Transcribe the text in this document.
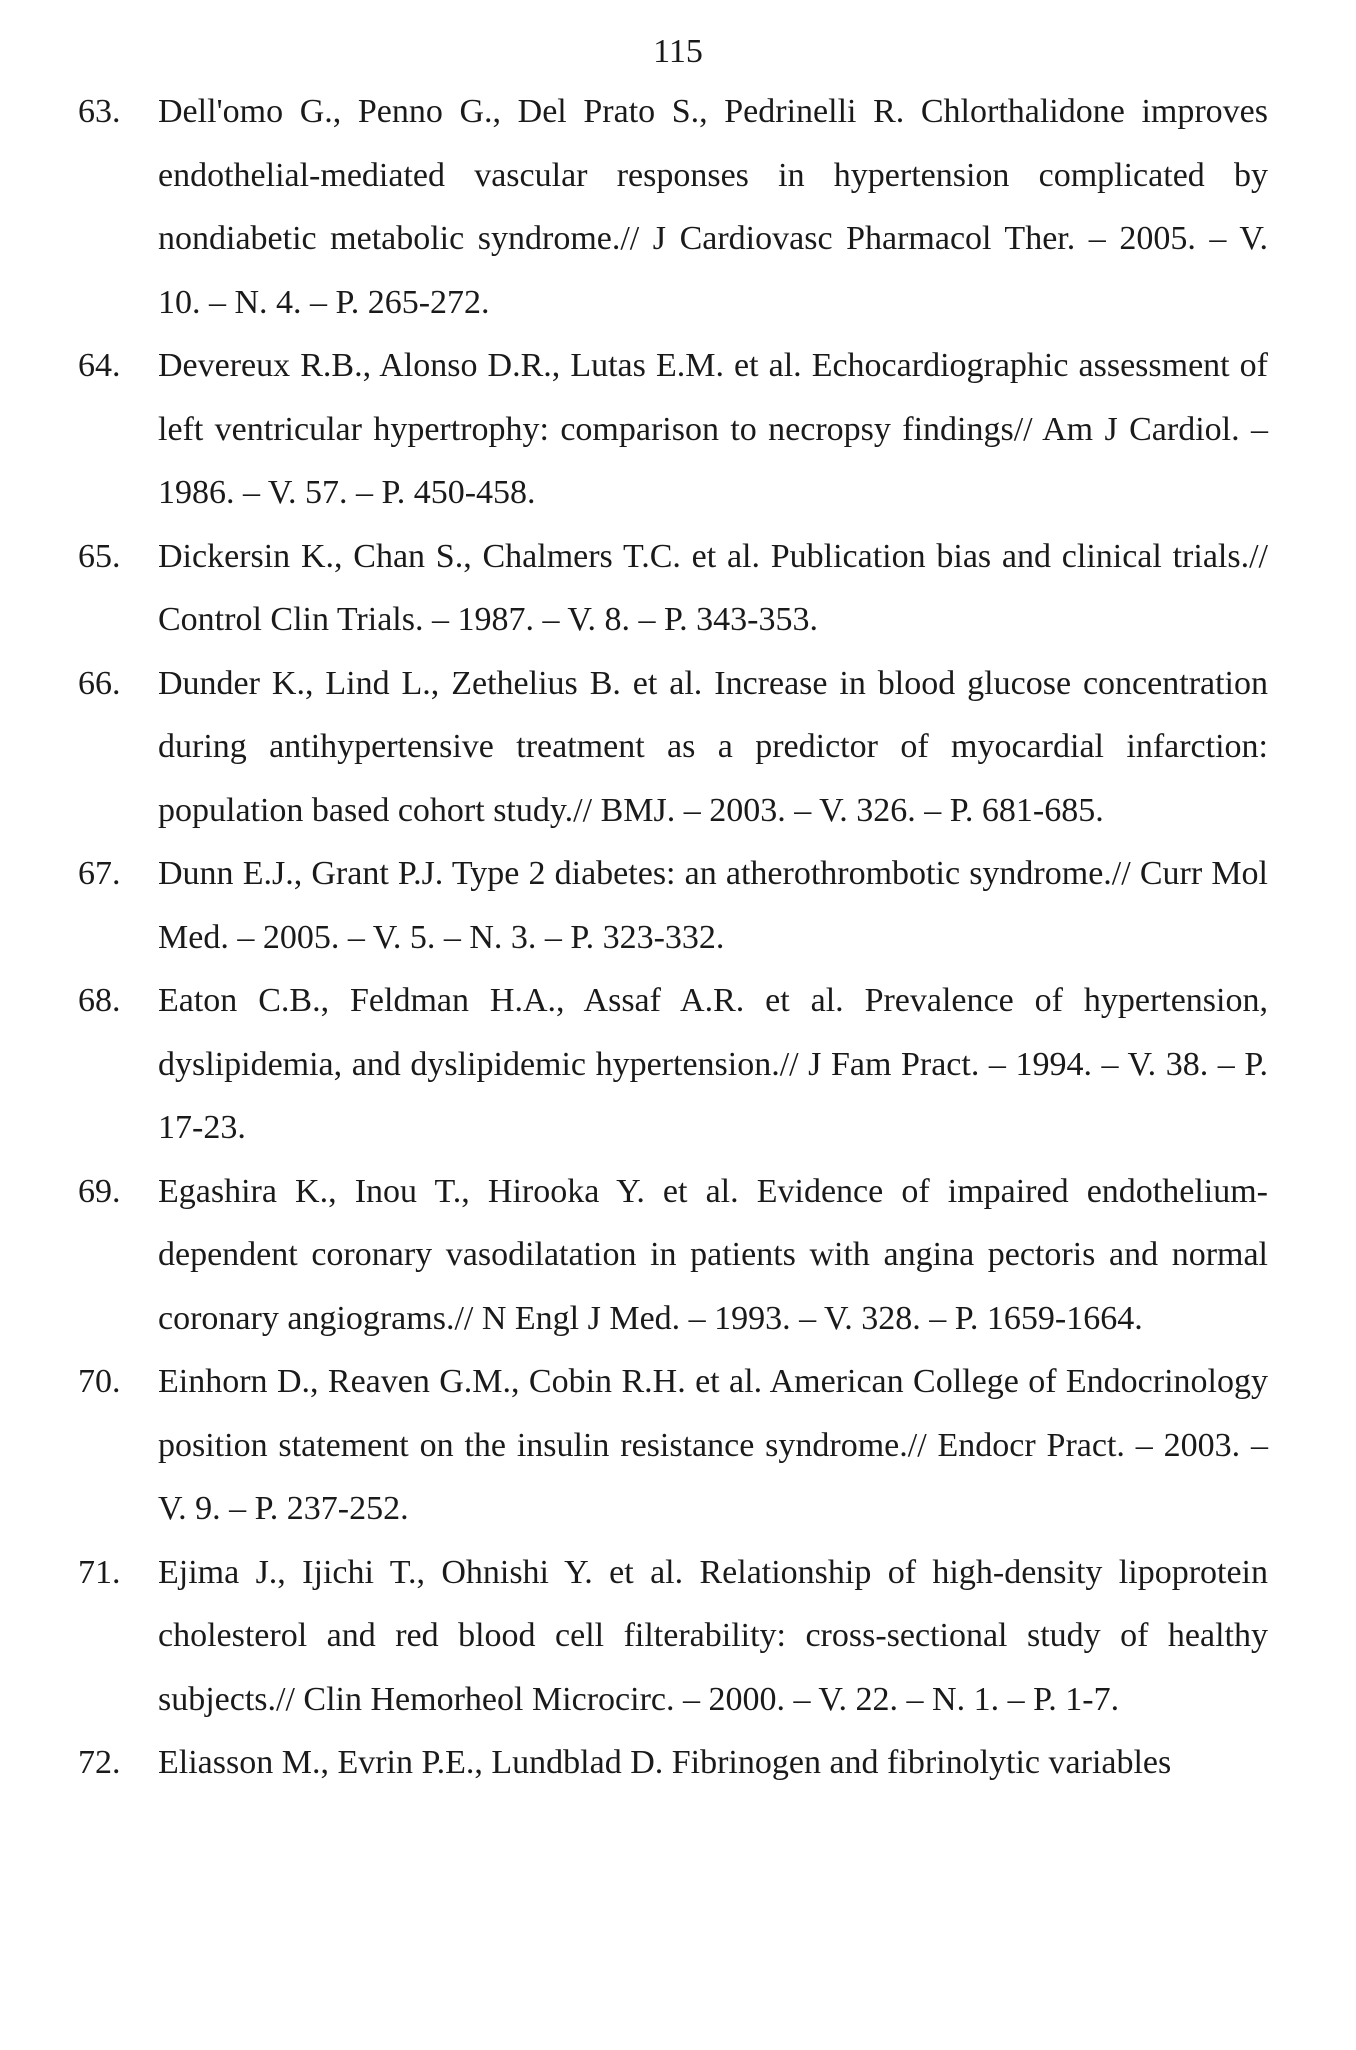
115
63.	Dell'omo G., Penno G., Del Prato S., Pedrinelli R. Chlorthalidone improves endothelial-mediated vascular responses in hypertension complicated by nondiabetic metabolic syndrome.// J Cardiovasc Pharmacol Ther. – 2005. – V. 10. – N. 4. – P. 265-272.
64.	Devereux R.B., Alonso D.R., Lutas E.M. et al. Echocardiographic assessment of left ventricular hypertrophy: comparison to necropsy findings// Am J Cardiol. – 1986. – V. 57. – P. 450-458.
65.	Dickersin K., Chan S., Chalmers T.C. et al. Publication bias and clinical trials.// Control Clin Trials. – 1987. – V. 8. – P. 343-353.
66.	Dunder K., Lind L., Zethelius B. et al. Increase in blood glucose concentration during antihypertensive treatment as a predictor of myocardial infarction: population based cohort study.// BMJ. – 2003. – V. 326. – P. 681-685.
67.	Dunn E.J., Grant P.J. Type 2 diabetes: an atherothrombotic syndrome.// Curr Mol Med. – 2005. – V. 5. – N. 3. – P. 323-332.
68.	Eaton C.B., Feldman H.A., Assaf A.R. et al. Prevalence of hypertension, dyslipidemia, and dyslipidemic hypertension.// J Fam Pract. – 1994. – V. 38. – P. 17-23.
69.	Egashira K., Inou T., Hirooka Y. et al. Evidence of impaired endothelium-dependent coronary vasodilatation in patients with angina pectoris and normal coronary angiograms.// N Engl J Med. – 1993. – V. 328. – P. 1659-1664.
70.	Einhorn D., Reaven G.M., Cobin R.H. et al. American College of Endocrinology position statement on the insulin resistance syndrome.// Endocr Pract. – 2003. – V. 9. – P. 237-252.
71.	Ejima J., Ijichi T., Ohnishi Y. et al. Relationship of high-density lipoprotein cholesterol and red blood cell filterability: cross-sectional study of healthy subjects.// Clin Hemorheol Microcirc. – 2000. – V. 22. – N. 1. – P. 1-7.
72.	Eliasson M., Evrin P.E., Lundblad D. Fibrinogen and fibrinolytic variables
